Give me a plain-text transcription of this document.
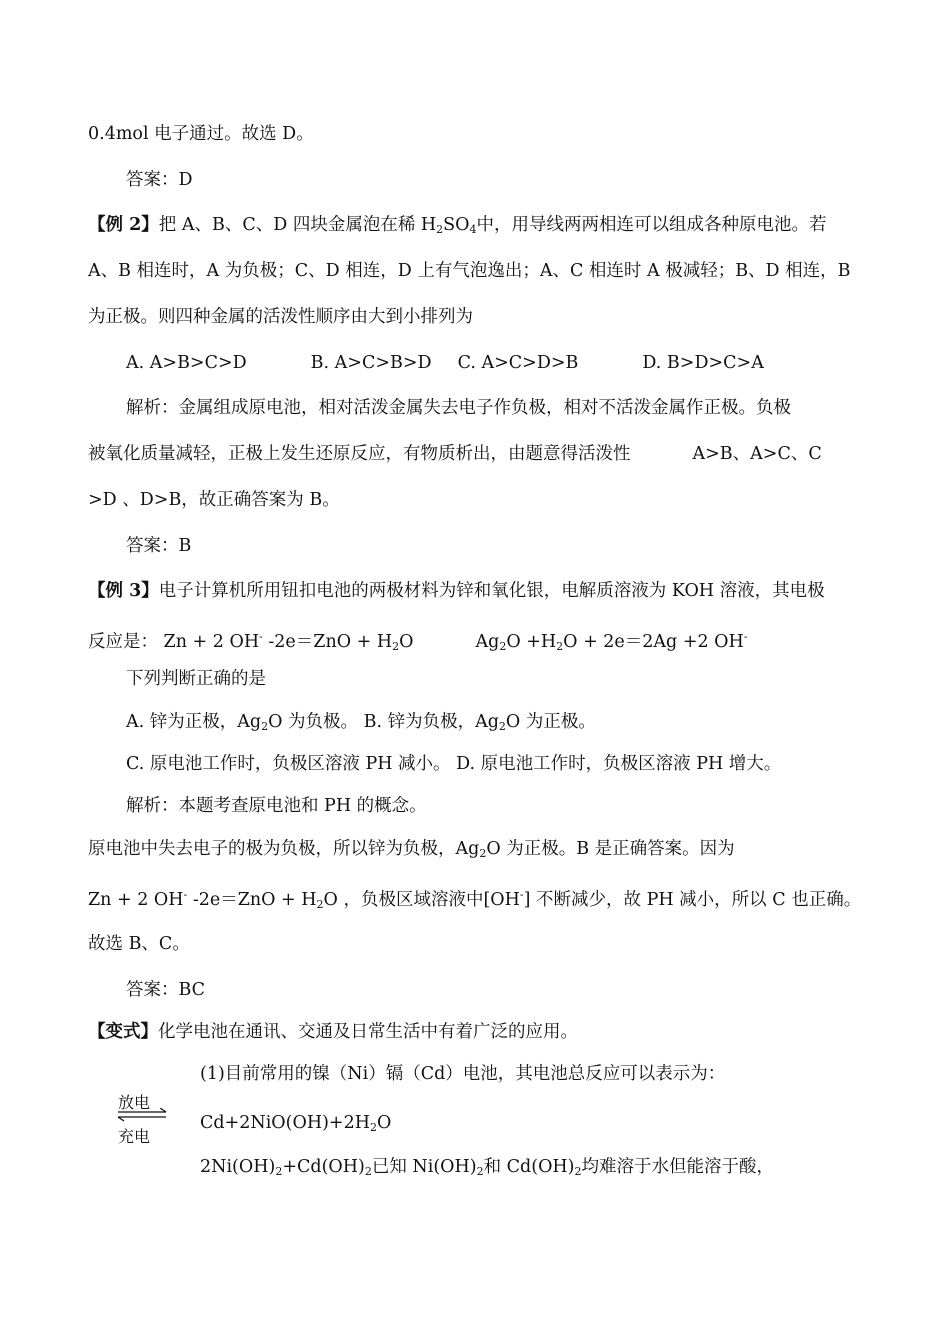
0.4mol 电子通过。故选 D。
答案：D
【例 2】把 A、B、C、D 四块金属泡在稀 $H_2SO_4$中，用导线两两相连可以组成各种原电池。若
A、B 相连时，A 为负极；C、D 相连，D 上有气泡逸出；A、C 相连时 A 极减轻；B、D 相连，B
为正极。则四种金属的活泼性顺序由大到小排列为
A. A>B>C>D	B. A>C>B>D C. A>C>D>B	D. B>D>C>A
解析：金属组成原电池，相对活泼金属失去电子作负极，相对不活泼金属作正极。负极
被氧化质量减轻，正极上发生还原反应，有物质析出，由题意得活泼性	A>B、A>C、C
>D 、D>B，故正确答案为 B。
答案：B
【例 3】电子计算机所用钮扣电池的两极材料为锌和氧化银，电解质溶液为 KOH 溶液，其电极
反应是： Zn + 2 OH- $-2e=ZnO + H_2O$	$Ag_2O +H_2O + 2e=2Ag +2$ OH-
下列判断正确的是
A. 锌为正极，$Ag_2O$ 为负极。 B. 锌为负极，$Ag_2O$ 为正极。
C. 原电池工作时，负极区溶液 PH 减小。 D. 原电池工作时，负极区溶液 PH 增大。
解析：本题考查原电池和 PH 的概念。
原电池中失去电子的极为负极，所以锌为负极，$Ag_2O$ 为正极。B 是正确答案。因为
Zn + 2 OH- $-2e=ZnO + H_2O$ ，负极区域溶液中[OH-] 不断减少，故 PH 减小，所以 C 也正确。
故选 B、C。
答案：BC
【变式】化学电池在通讯、交通及日常生活中有着广泛的应用。
(1)目前常用的镍（Ni）镉（Cd）电池，其电池总反应可以表示为：
放电
充电
$Cd+2NiO(OH)+2H_2O$
$2Ni(OH)_2+Cd(OH)_2$已知 $Ni(OH)_2$和 $Cd(OH)_2$均难溶于水但能溶于酸，
